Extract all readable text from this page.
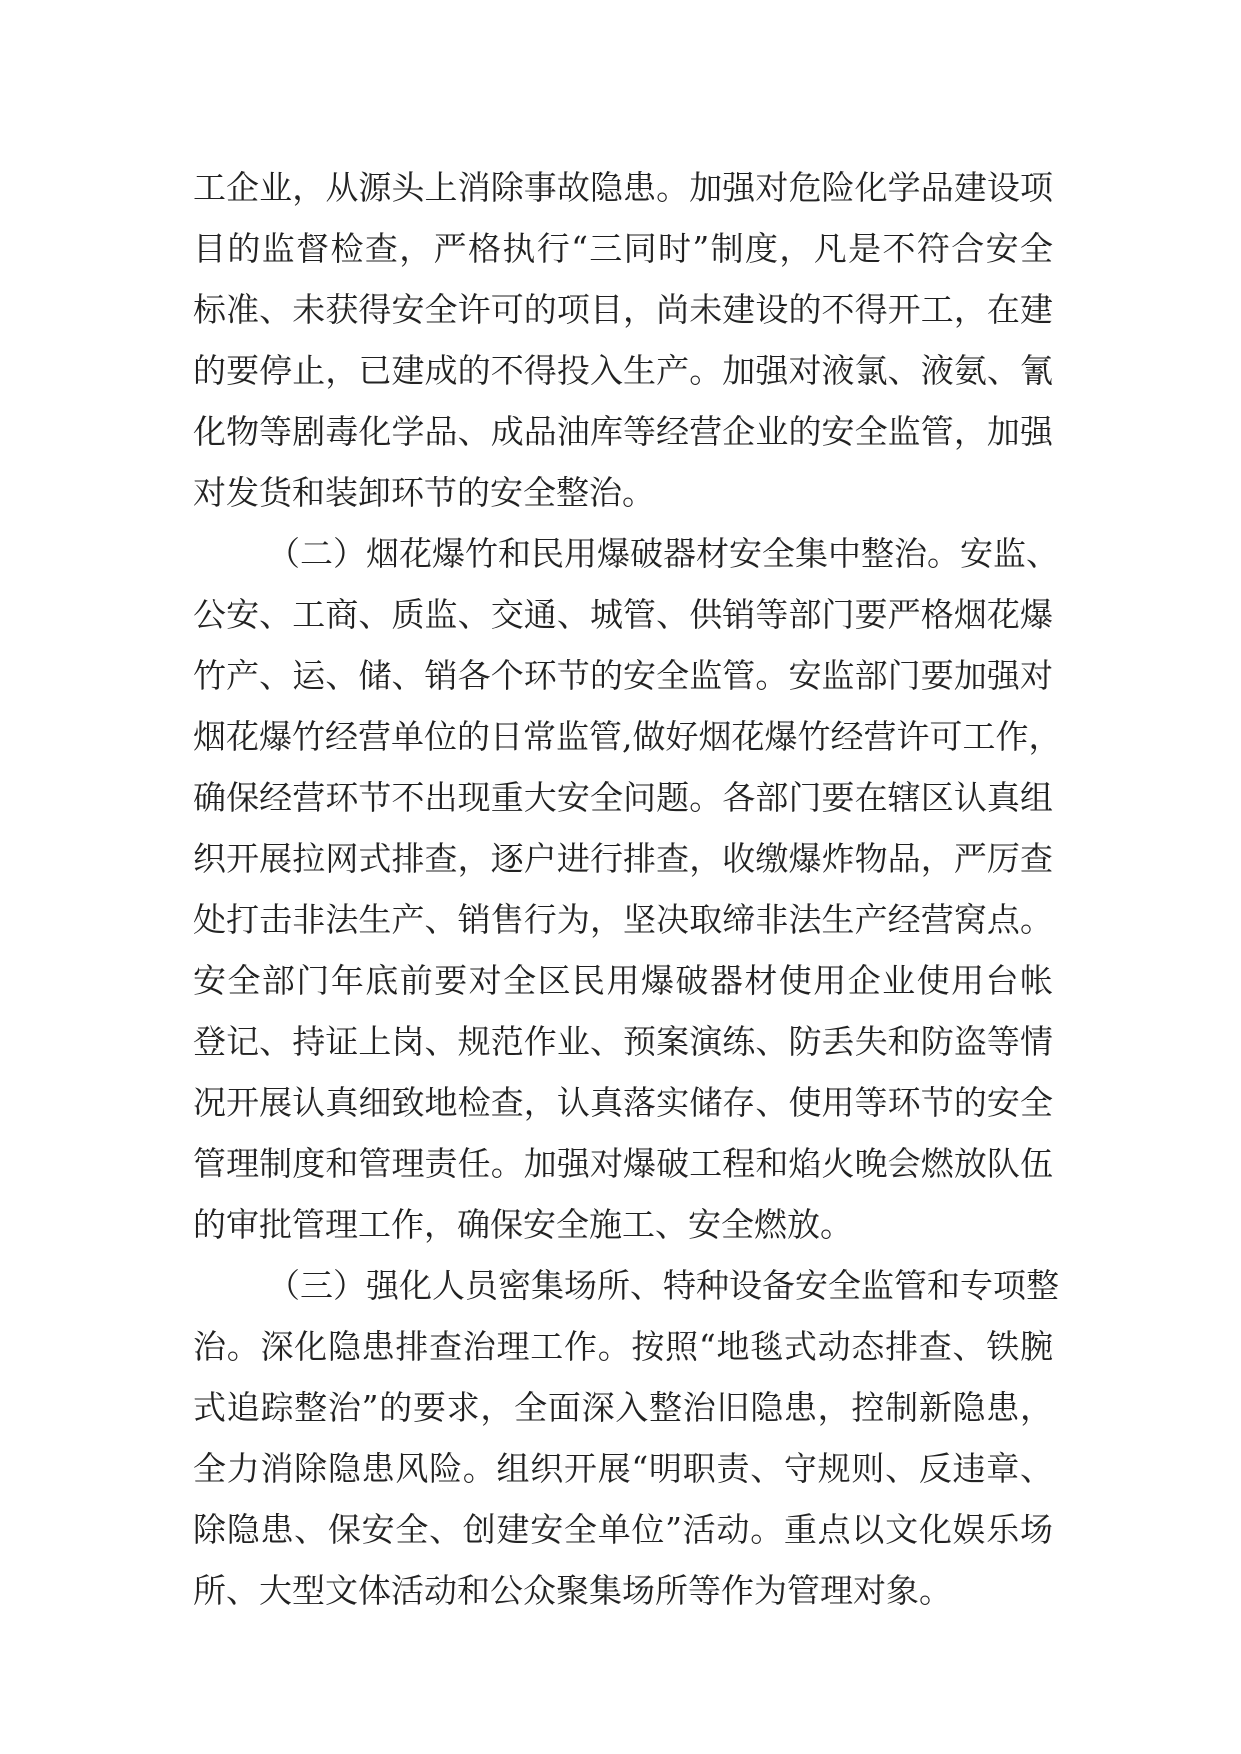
工企业，从源头上消除事故隐患。加强对危险化学品建设项
目的监督检查，严格执行“三同时”制度，凡是不符合安全
标准、未获得安全许可的项目，尚未建设的不得开工，在建
的要停止，已建成的不得投入生产。加强对液氯、液氨、氰
化物等剧毒化学品、成品油库等经营企业的安全监管，加强
对发货和装卸环节的安全整治。
（二）烟花爆竹和民用爆破器材安全集中整治。安监、
公安、工商、质监、交通、城管、供销等部门要严格烟花爆
竹产、运、储、销各个环节的安全监管。安监部门要加强对
烟花爆竹经营单位的日常监管,做好烟花爆竹经营许可工作，
确保经营环节不出现重大安全问题。各部门要在辖区认真组
织开展拉网式排查，逐户进行排查，收缴爆炸物品，严厉查
处打击非法生产、销售行为，坚决取缔非法生产经营窝点。
安全部门年底前要对全区民用爆破器材使用企业使用台帐
登记、持证上岗、规范作业、预案演练、防丢失和防盗等情
况开展认真细致地检查，认真落实储存、使用等环节的安全
管理制度和管理责任。加强对爆破工程和焰火晚会燃放队伍
的审批管理工作，确保安全施工、安全燃放。
（三）强化人员密集场所、特种设备安全监管和专项整
治。深化隐患排查治理工作。按照“地毯式动态排查、铁腕
式追踪整治”的要求，全面深入整治旧隐患，控制新隐患，
全力消除隐患风险。组织开展“明职责、守规则、反违章、
除隐患、保安全、创建安全单位”活动。重点以文化娱乐场
所、大型文体活动和公众聚集场所等作为管理对象。
